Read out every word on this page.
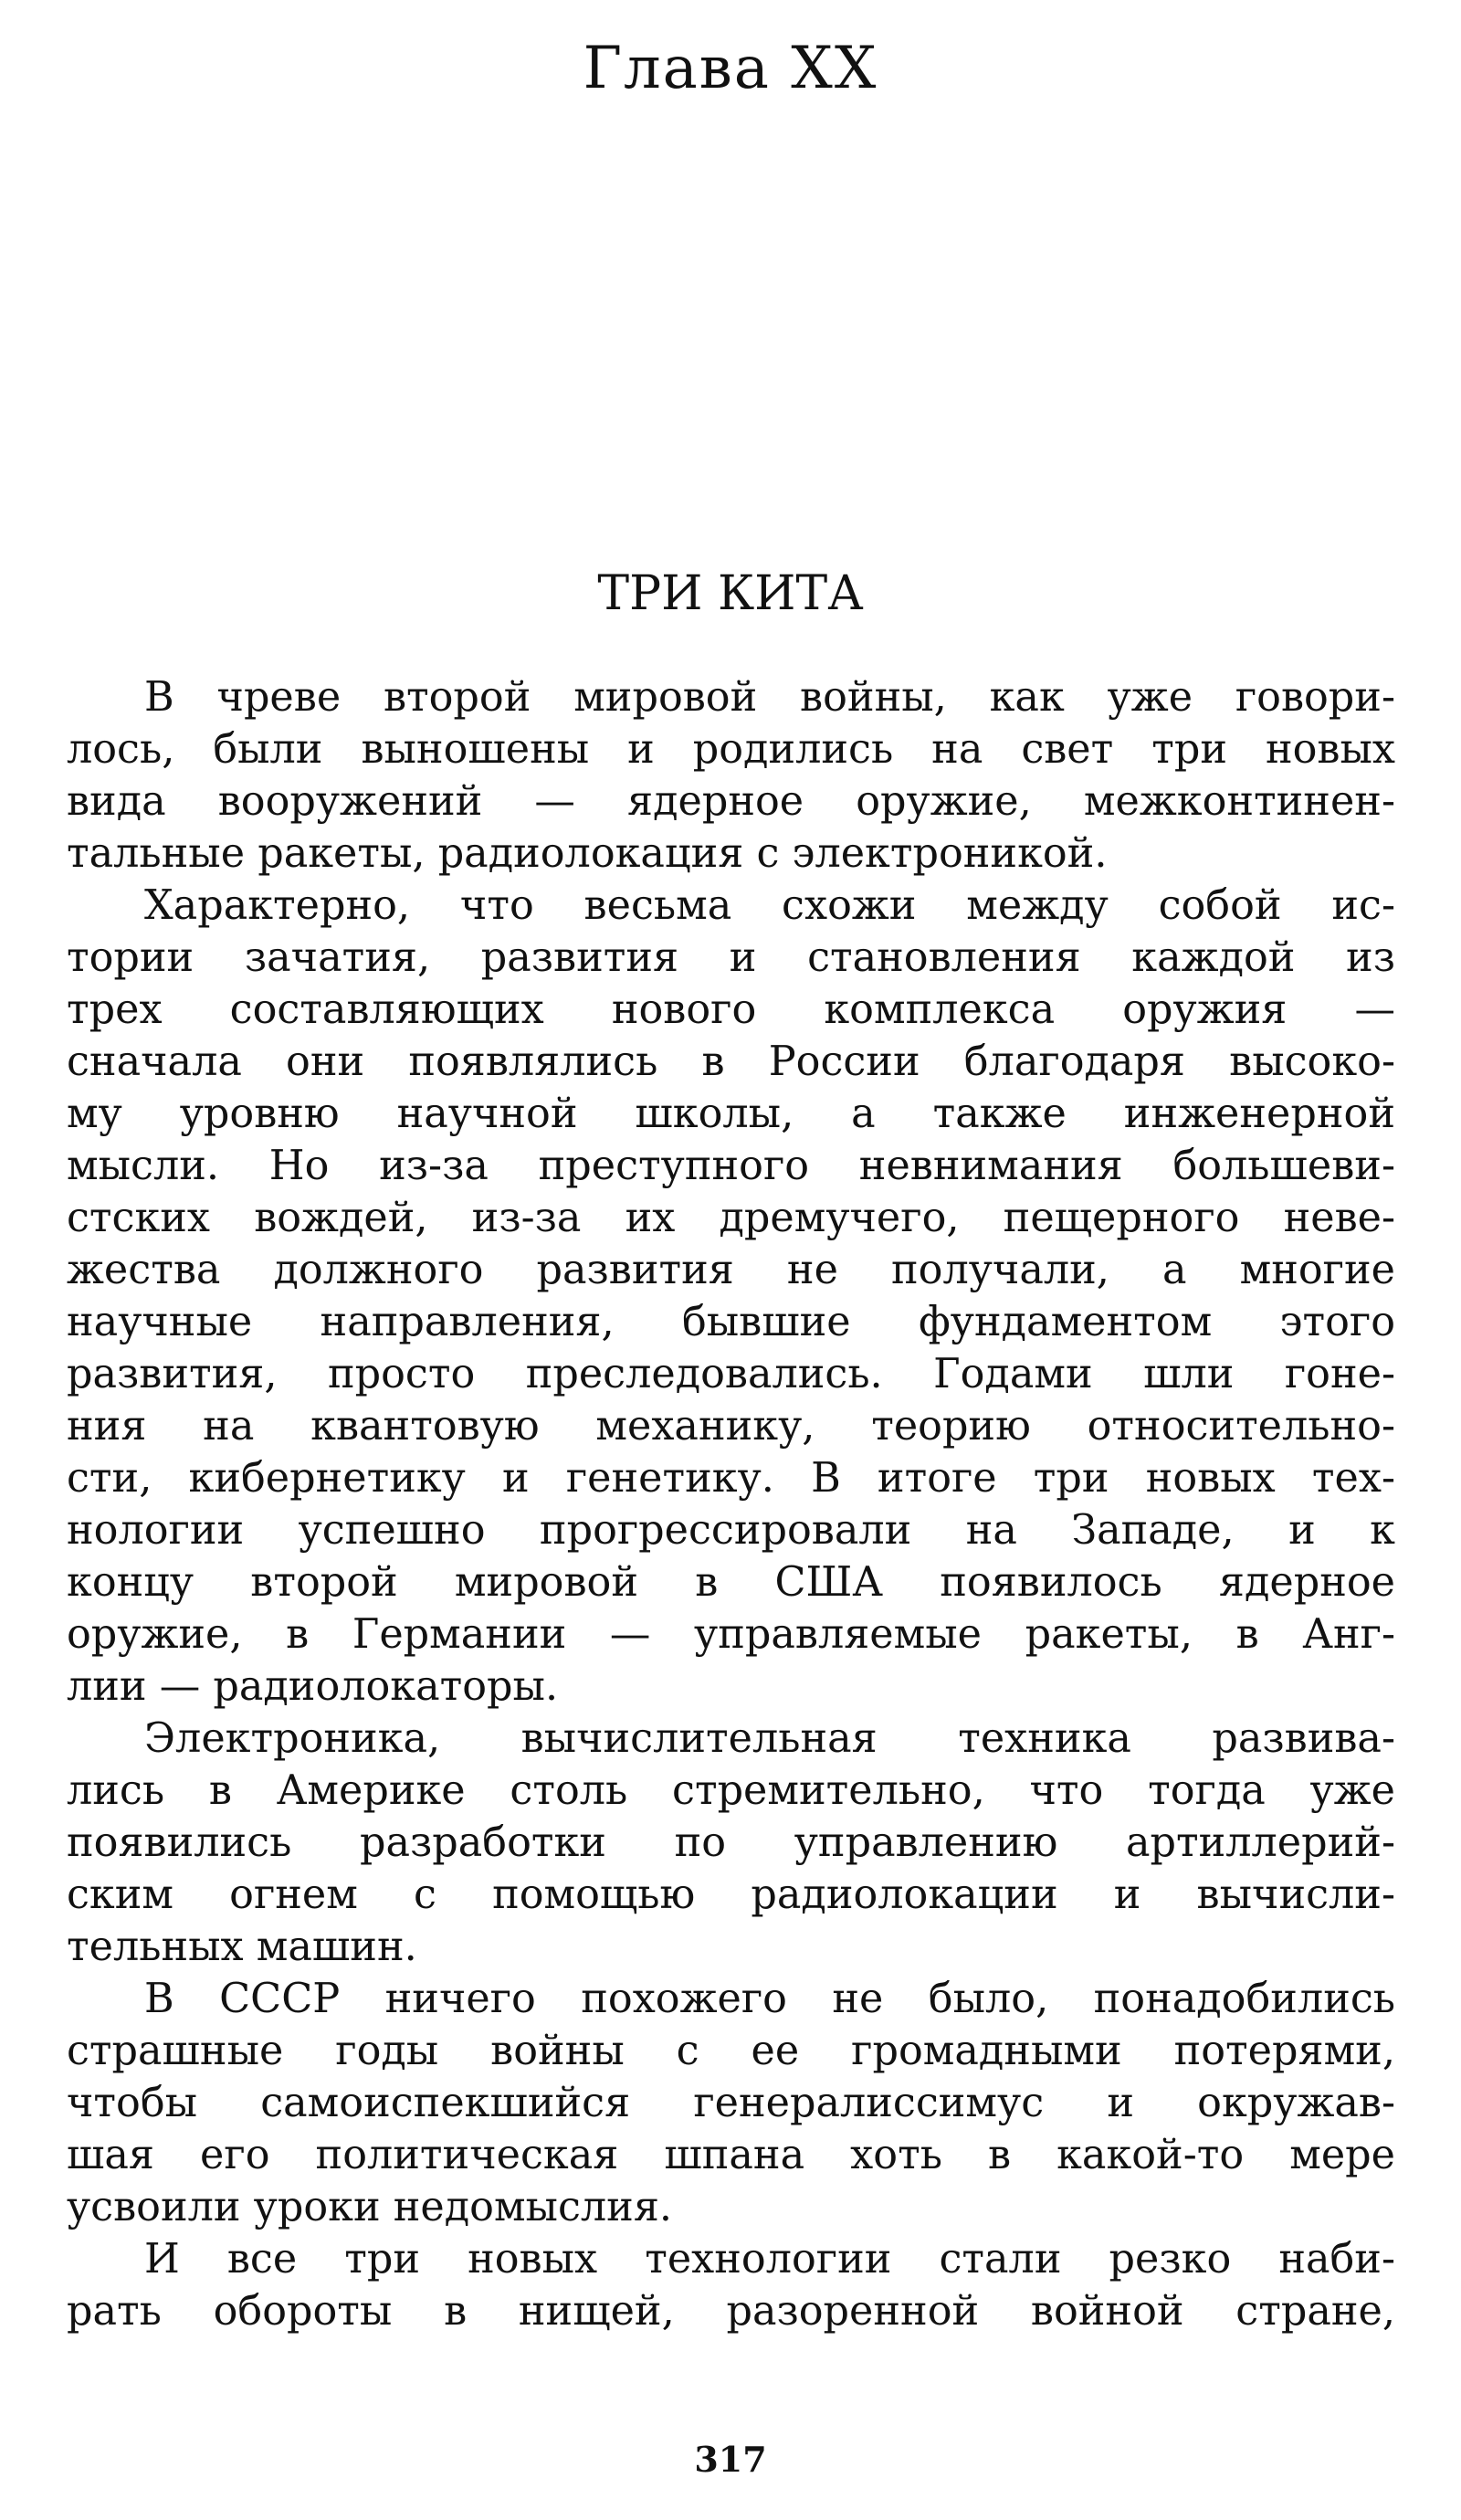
Глава XX
ТРИ КИТА

В чреве второй мировой войны, как уже говори-
лось, были выношены и родились на свет три новых
вида вооружений — ядерное оружие, межконтинен-
тальные ракеты, радиолокация с электроникой.

Характерно, что весьма схожи между собой ис-
тории зачатия, развития и становления каждой из
трех составляющих нового комплекса оружия —
сначала они появлялись в России благодаря высоко-
му уровню научной школы, а также инженерной
мысли. Но из-за преступного невнимания большеви-
стских вождей, из-за их дремучего, пещерного неве-
жества должного развития не получали, а многие
научные направления, бывшие фундаментом этого
развития, просто преследовались. Годами шли гоне-
ния на квантовую механику, теорию относительно-
сти, кибернетику и генетику. В итоге три новых тех-
нологии успешно прогрессировали на Западе, и к
концу второй мировой в США появилось ядерное
оружие, в Германии — управляемые ракеты, в Анг-
лии — радиолокаторы.

Электроника, вычислительная техника развива-
лись в Америке столь стремительно, что тогда уже
появились разработки по управлению артиллерий-
ским огнем с помощью радиолокации и вычисли-
тельных машин.

В СССР ничего похожего не было, понадобились
страшные годы войны с ее громадными потерями,
чтобы самоиспекшийся генералиссимус и окружав-
шая его политическая шпана хоть в какой-то мере
усвоили уроки недомыслия.

И все три новых технологии стали резко наби-
рать обороты в нищей, разоренной войной стране,

317
